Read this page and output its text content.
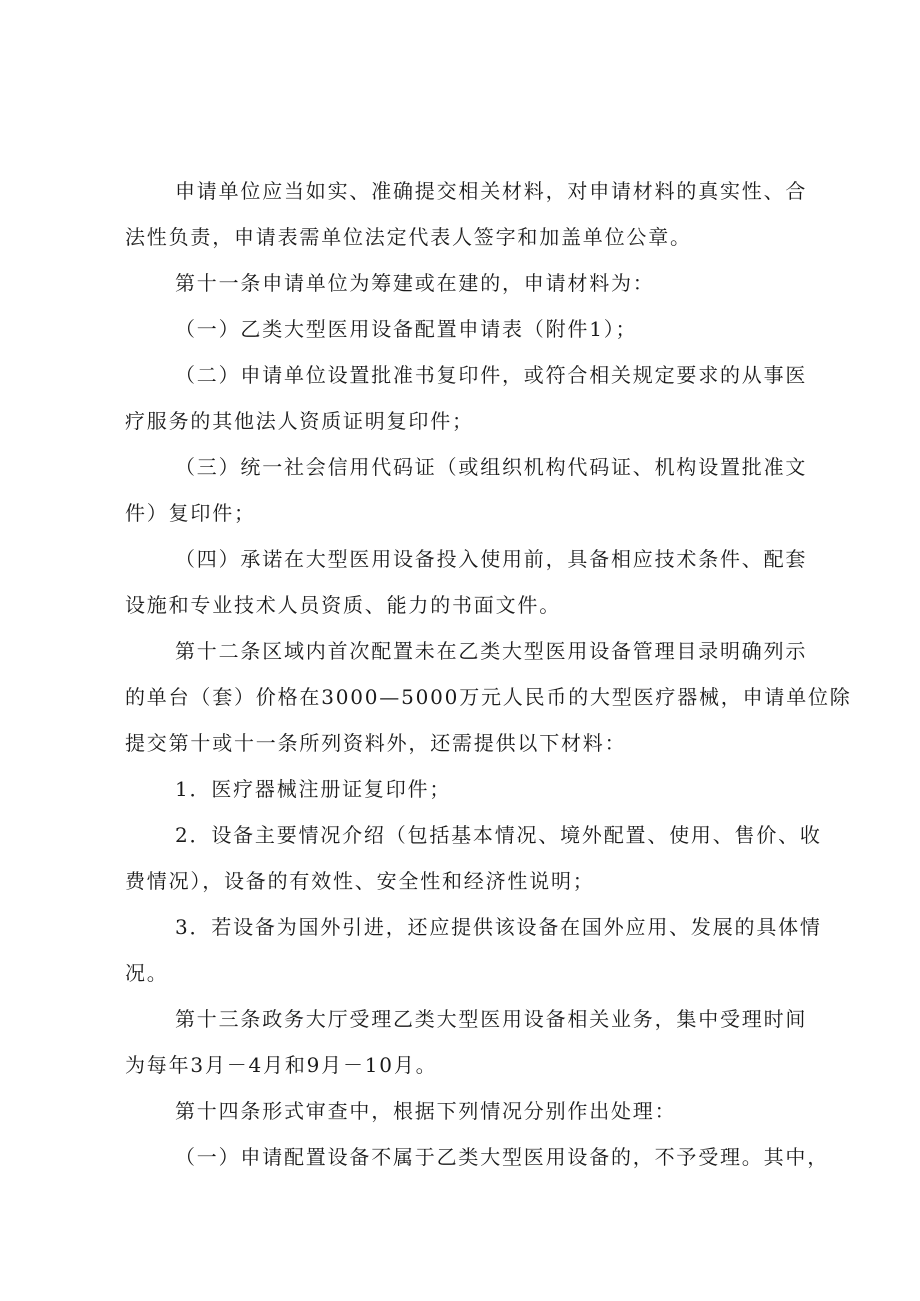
申请单位应当如实、准确提交相关材料，对申请材料的真实性、合
法性负责，申请表需单位法定代表人签字和加盖单位公章。
第十一条申请单位为筹建或在建的，申请材料为：
（一）乙类大型医用设备配置申请表（附件1）；
（二）申请单位设置批准书复印件，或符合相关规定要求的从事医
疗服务的其他法人资质证明复印件；
（三）统一社会信用代码证（或组织机构代码证、机构设置批准文
件）复印件；
（四）承诺在大型医用设备投入使用前，具备相应技术条件、配套
设施和专业技术人员资质、能力的书面文件。
第十二条区域内首次配置未在乙类大型医用设备管理目录明确列示
的单台（套）价格在3000—5000万元人民币的大型医疗器械，申请单位除
提交第十或十一条所列资料外，还需提供以下材料：
1．医疗器械注册证复印件；
2．设备主要情况介绍（包括基本情况、境外配置、使用、售价、收
费情况），设备的有效性、安全性和经济性说明；
3．若设备为国外引进，还应提供该设备在国外应用、发展的具体情
况。
第十三条政务大厅受理乙类大型医用设备相关业务，集中受理时间
为每年3月－4月和9月－10月。
第十四条形式审查中，根据下列情况分别作出处理：
（一）申请配置设备不属于乙类大型医用设备的，不予受理。其中，
